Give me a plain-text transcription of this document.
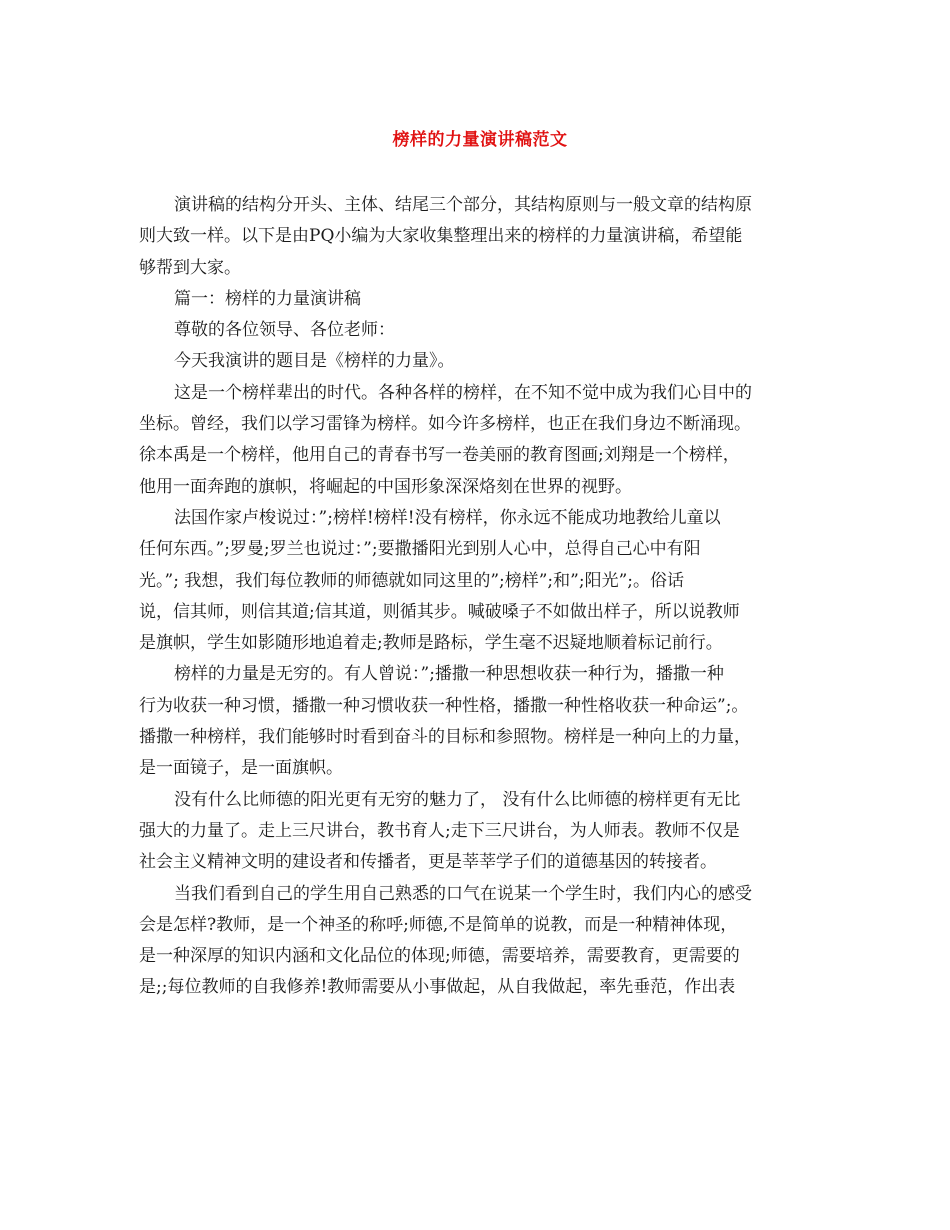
榜样的力量演讲稿范文
演讲稿的结构分开头、主体、结尾三个部分，其结构原则与一般文章的结构原
则大致一样。以下是由PQ小编为大家收集整理出来的榜样的力量演讲稿，希望能
够帮到大家。
篇一：榜样的力量演讲稿
尊敬的各位领导、各位老师：
今天我演讲的题目是《榜样的力量》。
这是一个榜样辈出的时代。各种各样的榜样，在不知不觉中成为我们心目中的
坐标。曾经，我们以学习雷锋为榜样。如今许多榜样，也正在我们身边不断涌现。
徐本禹是一个榜样，他用自己的青春书写一卷美丽的教育图画;刘翔是一个榜样，
他用一面奔跑的旗帜，将崛起的中国形象深深烙刻在世界的视野。
法国作家卢梭说过：”;榜样!榜样!没有榜样，你永远不能成功地教给儿童以
任何东西。”;罗曼;罗兰也说过：”;要撒播阳光到别人心中，总得自己心中有阳
光。”; 我想，我们每位教师的师德就如同这里的”;榜样”;和”;阳光”;。俗话
说，信其师，则信其道;信其道，则循其步。喊破嗓子不如做出样子，所以说教师
是旗帜，学生如影随形地追着走;教师是路标，学生毫不迟疑地顺着标记前行。
榜样的力量是无穷的。有人曾说：”;播撒一种思想收获一种行为，播撒一种
行为收获一种习惯，播撒一种习惯收获一种性格，播撒一种性格收获一种命运”;。
播撒一种榜样，我们能够时时看到奋斗的目标和参照物。榜样是一种向上的力量，
是一面镜子，是一面旗帜。
没有什么比师德的阳光更有无穷的魅力了， 没有什么比师德的榜样更有无比
强大的力量了。走上三尺讲台，教书育人;走下三尺讲台，为人师表。教师不仅是
社会主义精神文明的建设者和传播者，更是莘莘学子们的道德基因的转接者。
当我们看到自己的学生用自己熟悉的口气在说某一个学生时，我们内心的感受
会是怎样?教师，是一个神圣的称呼;师德,不是简单的说教，而是一种精神体现，
是一种深厚的知识内涵和文化品位的体现;师德，需要培养，需要教育，更需要的
是;;每位教师的自我修养!教师需要从小事做起，从自我做起，率先垂范，作出表
